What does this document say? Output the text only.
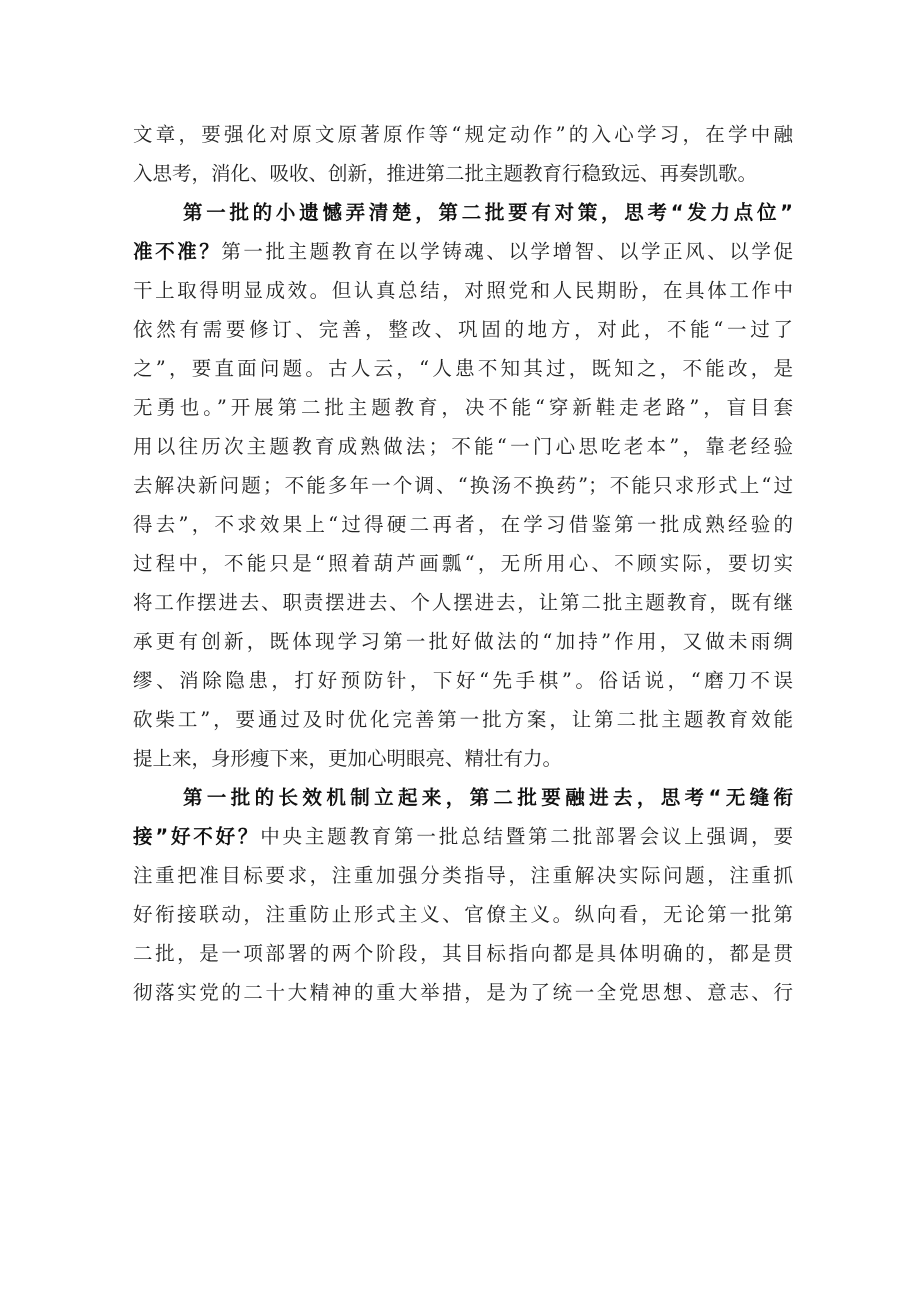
文章，要强化对原文原著原作等“规定动作”的入心学习，在学中融
入思考，消化、吸收、创新，推进第二批主题教育行稳致远、再奏凯歌。
第一批的小遗憾弄清楚，第二批要有对策，思考“发力点位”
准不准？第一批主题教育在以学铸魂、以学增智、以学正风、以学促
干上取得明显成效。但认真总结，对照党和人民期盼，在具体工作中
依然有需要修订、完善，整改、巩固的地方，对此，不能“一过了
之”，要直面问题。古人云，“人患不知其过，既知之，不能改，是
无勇也。”开展第二批主题教育，决不能“穿新鞋走老路”，盲目套
用以往历次主题教育成熟做法；不能“一门心思吃老本”，靠老经验
去解决新问题；不能多年一个调、“换汤不换药”；不能只求形式上“过
得去”，不求效果上“过得硬二再者，在学习借鉴第一批成熟经验的
过程中，不能只是“照着葫芦画瓢“，无所用心、不顾实际，要切实
将工作摆进去、职责摆进去、个人摆进去，让第二批主题教育，既有继
承更有创新，既体现学习第一批好做法的“加持”作用，又做未雨绸
缪、消除隐患，打好预防针，下好“先手棋”。俗话说，“磨刀不误
砍柴工”，要通过及时优化完善第一批方案，让第二批主题教育效能
提上来，身形瘦下来，更加心明眼亮、精壮有力。
第一批的长效机制立起来，第二批要融进去，思考“无缝衔
接”好不好？中央主题教育第一批总结暨第二批部署会议上强调，要
注重把准目标要求，注重加强分类指导，注重解决实际问题，注重抓
好衔接联动，注重防止形式主义、官僚主义。纵向看，无论第一批第
二批，是一项部署的两个阶段，其目标指向都是具体明确的，都是贯
彻落实党的二十大精神的重大举措，是为了统一全党思想、意志、行
